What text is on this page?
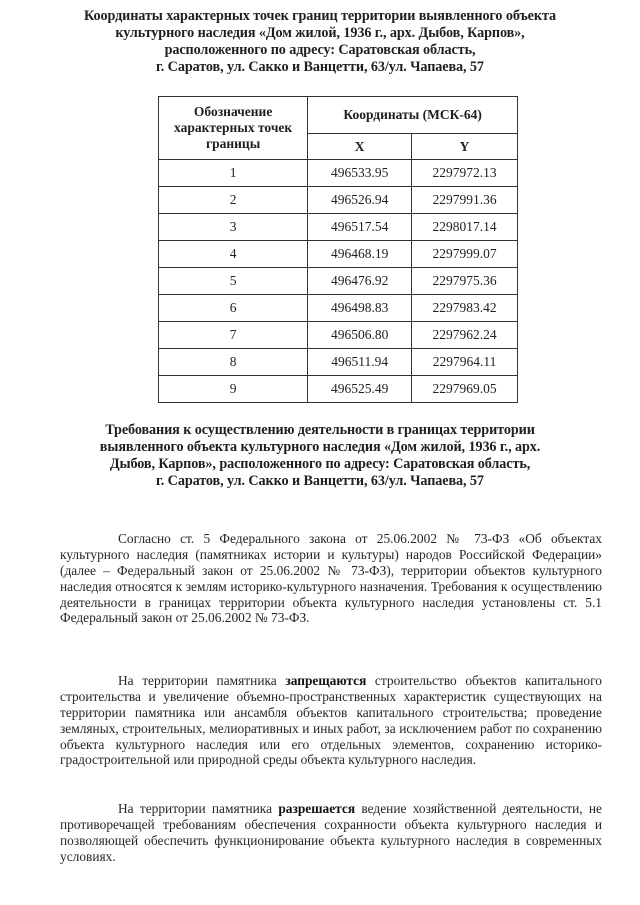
Координаты характерных точек границ территории выявленного объекта
культурного наследия «Дом жилой, 1936 г., арх. Дыбов, Карпов»,
расположенного по адресу: Саратовская область,
г. Саратов, ул. Сакко и Ванцетти, 63/ул. Чапаева, 57
Обозначение характерных точек границы	Координаты (МСК-64)	
	X	Y
1	496533.95	2297972.13
2	496526.94	2297991.36
3	496517.54	2298017.14
4	496468.19	2297999.07
5	496476.92	2297975.36
6	496498.83	2297983.42
7	496506.80	2297962.24
8	496511.94	2297964.11
9	496525.49	2297969.05
Требования к осуществлению деятельности в границах территории
выявленного объекта культурного наследия «Дом жилой, 1936 г., арх.
Дыбов, Карпов», расположенного по адресу: Саратовская область,
г. Саратов, ул. Сакко и Ванцетти, 63/ул. Чапаева, 57

Согласно ст. 5 Федерального закона от 25.06.2002 № 73-ФЗ «Об объектах культурного наследия (памятниках истории и культуры) народов Российской Федерации» (далее – Федеральный закон от 25.06.2002 № 73-ФЗ), территории объектов культурного наследия относятся к землям историко-культурного назначения. Требования к осуществлению деятельности в границах территории объекта культурного наследия установлены ст. 5.1 Федеральный закон от 25.06.2002 № 73-ФЗ.

На территории памятника запрещаются строительство объектов капитального строительства и увеличение объемно-пространственных характеристик существующих на территории памятника или ансамбля объектов капитального строительства; проведение земляных, строительных, мелиоративных и иных работ, за исключением работ по сохранению объекта культурного наследия или его отдельных элементов, сохранению историко-градостроительной или природной среды объекта культурного наследия.

На территории памятника разрешается ведение хозяйственной деятельности, не противоречащей требованиям обеспечения сохранности объекта культурного наследия и позволяющей обеспечить функционирование объекта культурного наследия в современных условиях.
